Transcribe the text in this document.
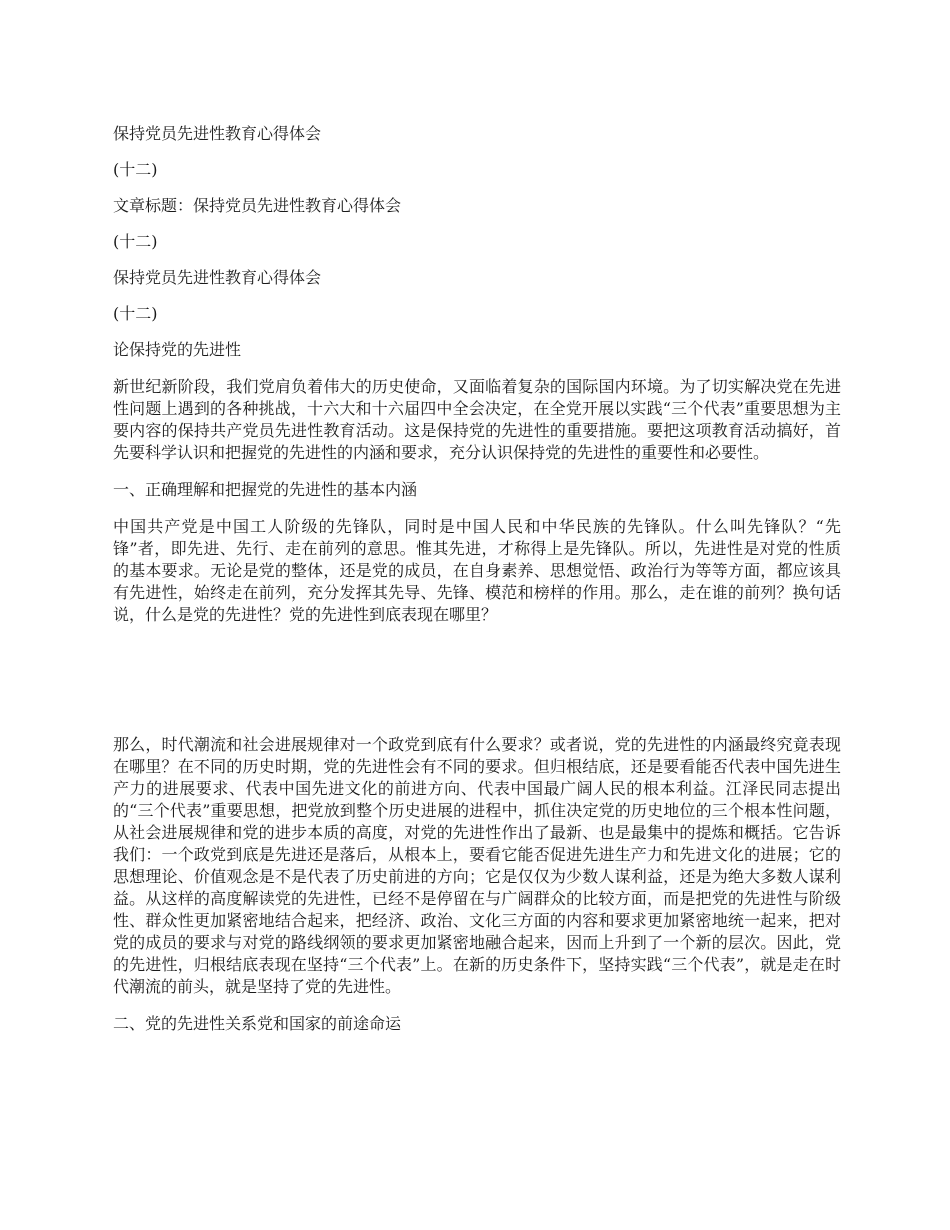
保持党员先进性教育心得体会
(十二)
文章标题：保持党员先进性教育心得体会
(十二)
保持党员先进性教育心得体会
(十二)
论保持党的先进性

新世纪新阶段，我们党肩负着伟大的历史使命，又面临着复杂的国际国内环境。为了切实解决党在先进性问题上遇到的各种挑战，十六大和十六届四中全会决定，在全党开展以实践“三个代表”重要思想为主要内容的保持共产党员先进性教育活动。这是保持党的先进性的重要措施。要把这项教育活动搞好，首先要科学认识和把握党的先进性的内涵和要求，充分认识保持党的先进性的重要性和必要性。

一、正确理解和把握党的先进性的基本内涵

中国共产党是中国工人阶级的先锋队，同时是中国人民和中华民族的先锋队。什么叫先锋队？“先锋”者，即先进、先行、走在前列的意思。惟其先进，才称得上是先锋队。所以，先进性是对党的性质的基本要求。无论是党的整体，还是党的成员，在自身素养、思想觉悟、政治行为等等方面，都应该具有先进性，始终走在前列，充分发挥其先导、先锋、模范和榜样的作用。那么，走在谁的前列？换句话说，什么是党的先进性？党的先进性到底表现在哪里？

那么，时代潮流和社会进展规律对一个政党到底有什么要求？或者说，党的先进性的内涵最终究竟表现在哪里？在不同的历史时期，党的先进性会有不同的要求。但归根结底，还是要看能否代表中国先进生产力的进展要求、代表中国先进文化的前进方向、代表中国最广阔人民的根本利益。江泽民同志提出的“三个代表”重要思想，把党放到整个历史进展的进程中，抓住决定党的历史地位的三个根本性问题，从社会进展规律和党的进步本质的高度，对党的先进性作出了最新、也是最集中的提炼和概括。它告诉我们：一个政党到底是先进还是落后，从根本上，要看它能否促进先进生产力和先进文化的进展；它的思想理论、价值观念是不是代表了历史前进的方向；它是仅仅为少数人谋利益，还是为绝大多数人谋利益。从这样的高度解读党的先进性，已经不是停留在与广阔群众的比较方面，而是把党的先进性与阶级性、群众性更加紧密地结合起来，把经济、政治、文化三方面的内容和要求更加紧密地统一起来，把对党的成员的要求与对党的路线纲领的要求更加紧密地融合起来，因而上升到了一个新的层次。因此，党的先进性，归根结底表现在坚持“三个代表”上。在新的历史条件下，坚持实践“三个代表”，就是走在时代潮流的前头，就是坚持了党的先进性。

二、党的先进性关系党和国家的前途命运
